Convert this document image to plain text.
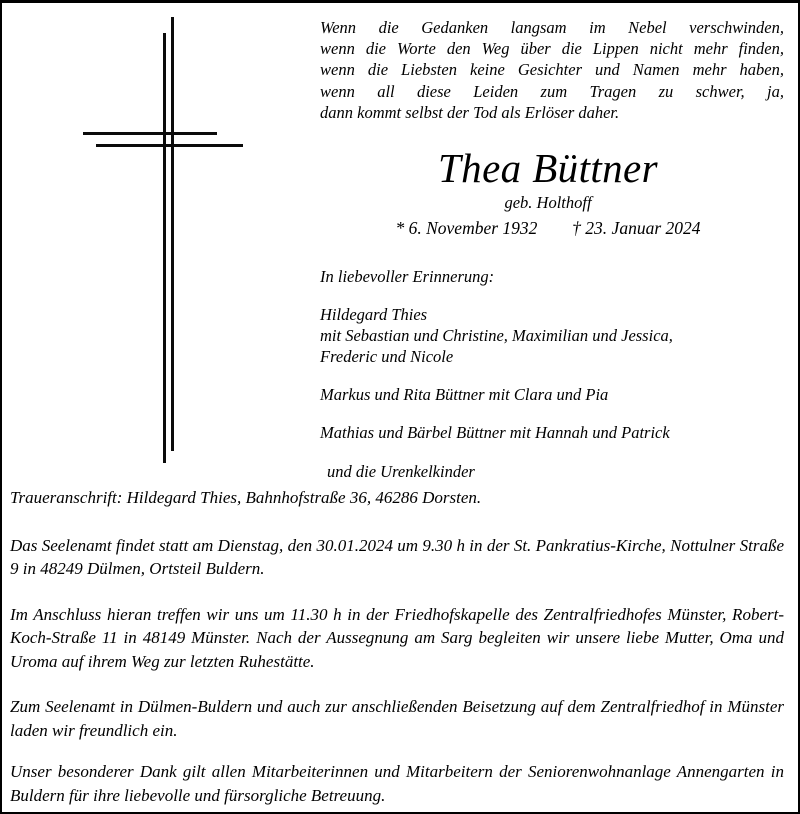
Wenn die Gedanken langsam im Nebel verschwinden,
wenn die Worte den Weg über die Lippen nicht mehr finden,
wenn die Liebsten keine Gesichter und Namen mehr haben,
wenn all diese Leiden zum Tragen zu schwer, ja,
dann kommt selbst der Tod als Erlöser daher.
Thea Büttner
geb. Holthoff
* 6. November 1932 † 23. Januar 2024
In liebevoller Erinnerung:
Hildegard Thies
mit Sebastian und Christine, Maximilian und Jessica,
Frederic und Nicole
Markus und Rita Büttner mit Clara und Pia
Mathias und Bärbel Büttner mit Hannah und Patrick
und die Urenkelkinder

Traueranschrift: Hildegard Thies, Bahnhofstraße 36, 46286 Dorsten.

Das Seelenamt findet statt am Dienstag, den 30.01.2024 um 9.30 h in der St. Pankratius-Kirche, Nottulner Straße 9 in 48249 Dülmen, Ortsteil Buldern.

Im Anschluss hieran treffen wir uns um 11.30 h in der Friedhofskapelle des Zentralfriedhofes Münster, Robert-Koch-Straße 11 in 48149 Münster. Nach der Aussegnung am Sarg begleiten wir unsere liebe Mutter, Oma und Uroma auf ihrem Weg zur letzten Ruhestätte.

Zum Seelenamt in Dülmen-Buldern und auch zur anschließenden Beisetzung auf dem Zentralfriedhof in Münster laden wir freundlich ein.

Unser besonderer Dank gilt allen Mitarbeiterinnen und Mitarbeitern der Seniorenwohnanlage Annengarten in Buldern für ihre liebevolle und fürsorgliche Betreuung.
